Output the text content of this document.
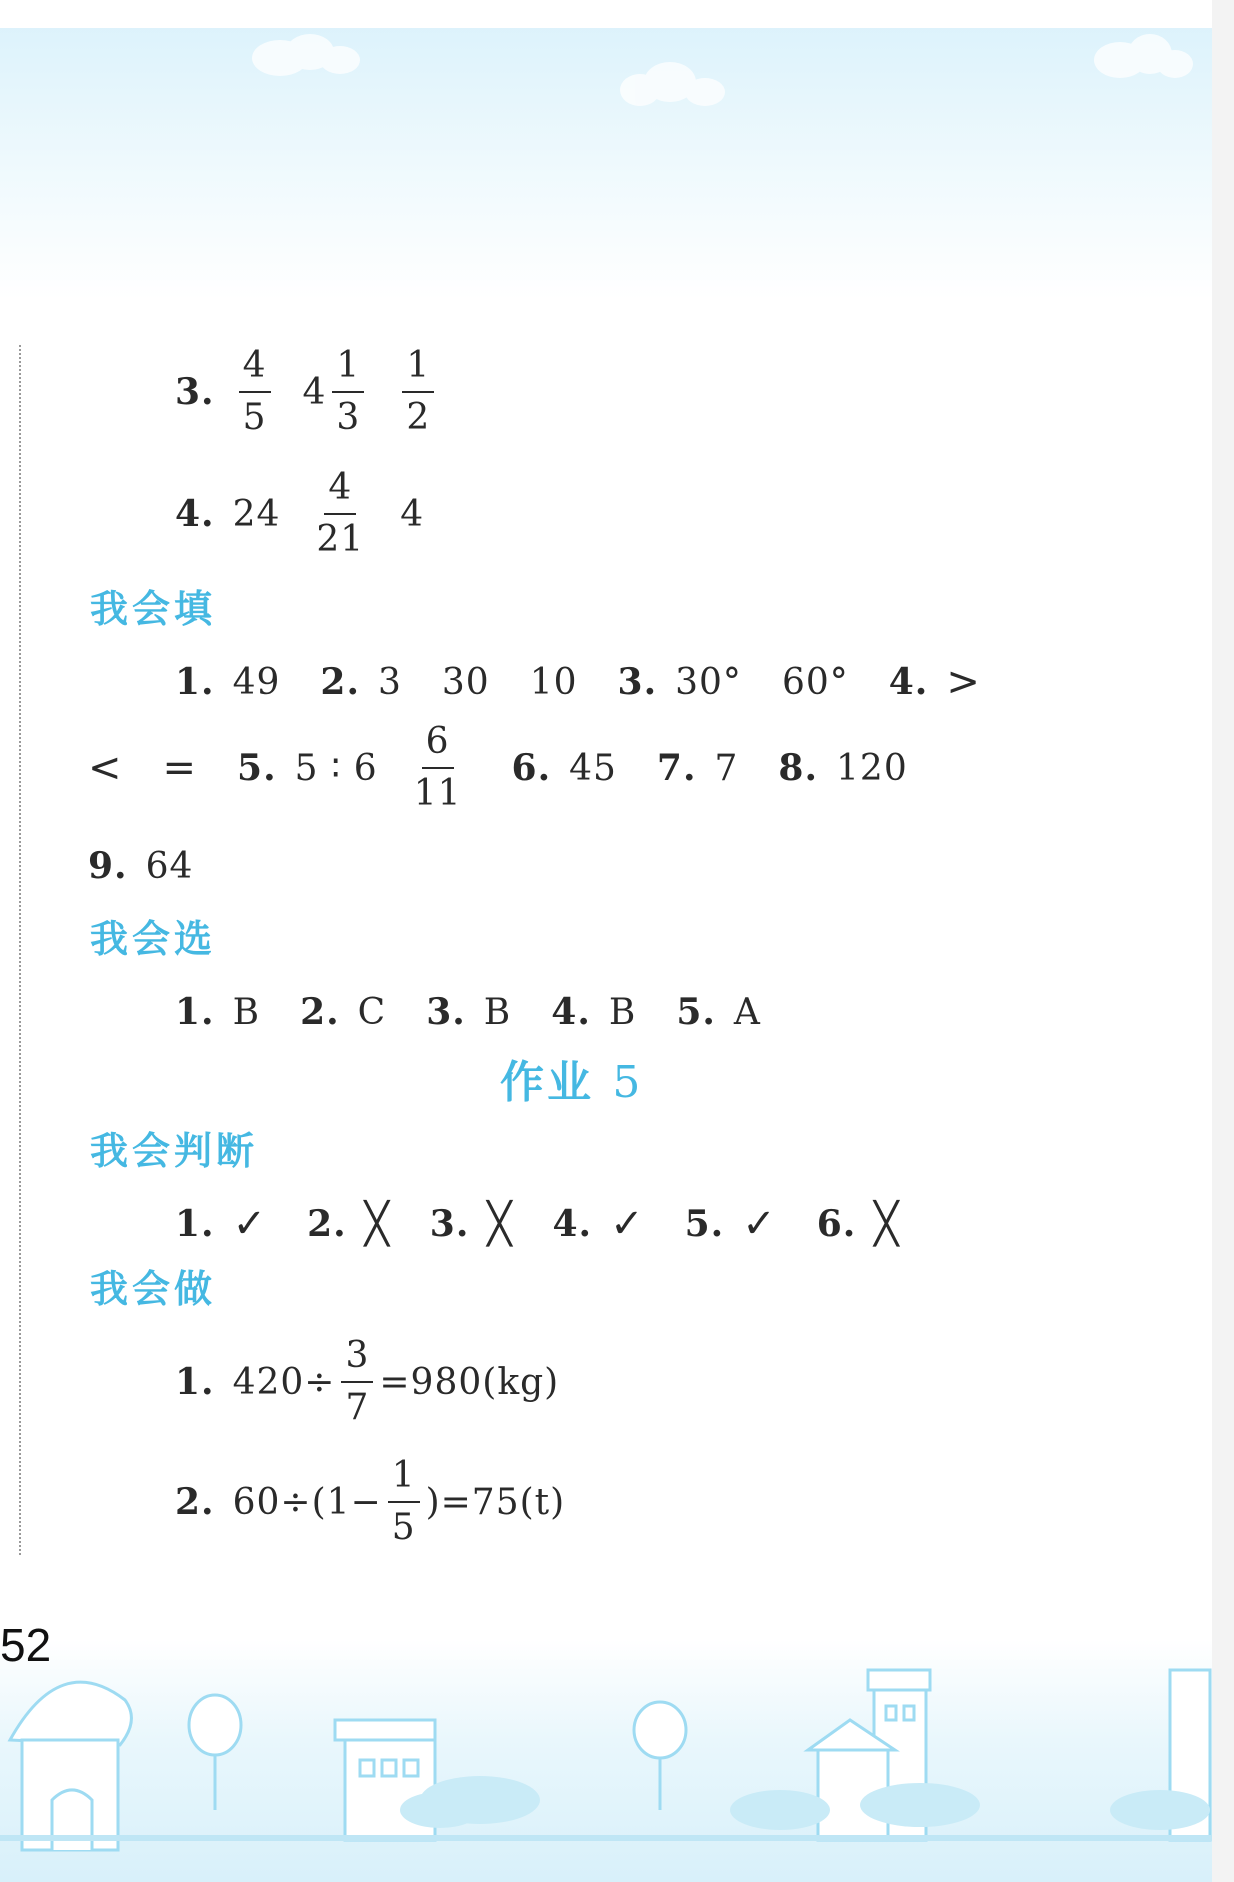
3. $\frac{4}{5} 4 \frac{1}{3} \frac{1}{2}$
4. $24 \frac{4}{21} 4$
我会填
1. 49 2. 3 30 10 3. 30° 60° 4. >
< = 5. 5 ∶ $6 \frac{6}{11} 6$. 45 7. 7 8. 120
9. 64
我会选
1. B 2. C 3. B 4. B 5. A
作业 5
我会判断
1. ✓ 2. ╳ 3. ╳ 4. ✓ 5. ✓ 6. ╳
我会做
1. $420\div \frac{3}{7} =980(kg)$
2. $60\div(1- \frac{1}{5} )=75(t)$
52
